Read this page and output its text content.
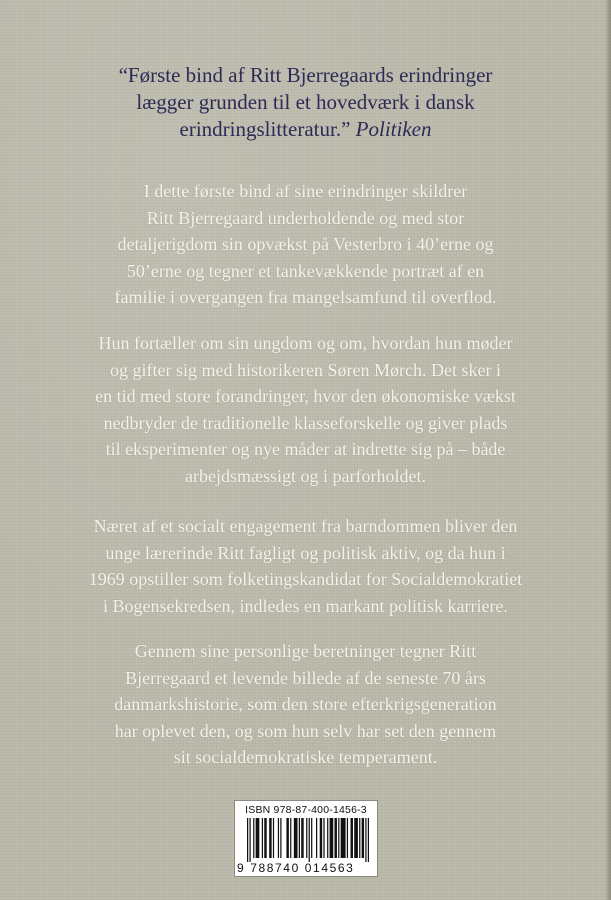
“Første bind af Ritt Bjerregaards erindringer
lægger grunden til et hovedværk i dansk
erindringslitteratur.” Politiken
I dette første bind af sine erindringer skildrer
Ritt Bjerregaard underholdende og med stor
detaljerigdom sin opvækst på Vesterbro i 40’erne og
50’erne og tegner et tankevækkende portræt af en
familie i overgangen fra mangelsamfund til overflod.
Hun fortæller om sin ungdom og om, hvordan hun møder
og gifter sig med historikeren Søren Mørch. Det sker i
en tid med store forandringer, hvor den økonomiske vækst
nedbryder de traditionelle klasseforskelle og giver plads
til eksperimenter og nye måder at indrette sig på – både
arbejdsmæssigt og i parforholdet.
Næret af et socialt engagement fra barndommen bliver den
unge lærerinde Ritt fagligt og politisk aktiv, og da hun i
1969 opstiller som folketingskandidat for Socialdemokratiet
i Bogensekredsen, indledes en markant politisk karriere.
Gennem sine personlige beretninger tegner Ritt
Bjerregaard et levende billede af de seneste 70 års
danmarkshistorie, som den store efterkrigsgeneration
har oplevet den, og som hun selv har set den gennem
sit socialdemokratiske temperament.
ISBN 978-87-400-1456-3
9 788740 014563
